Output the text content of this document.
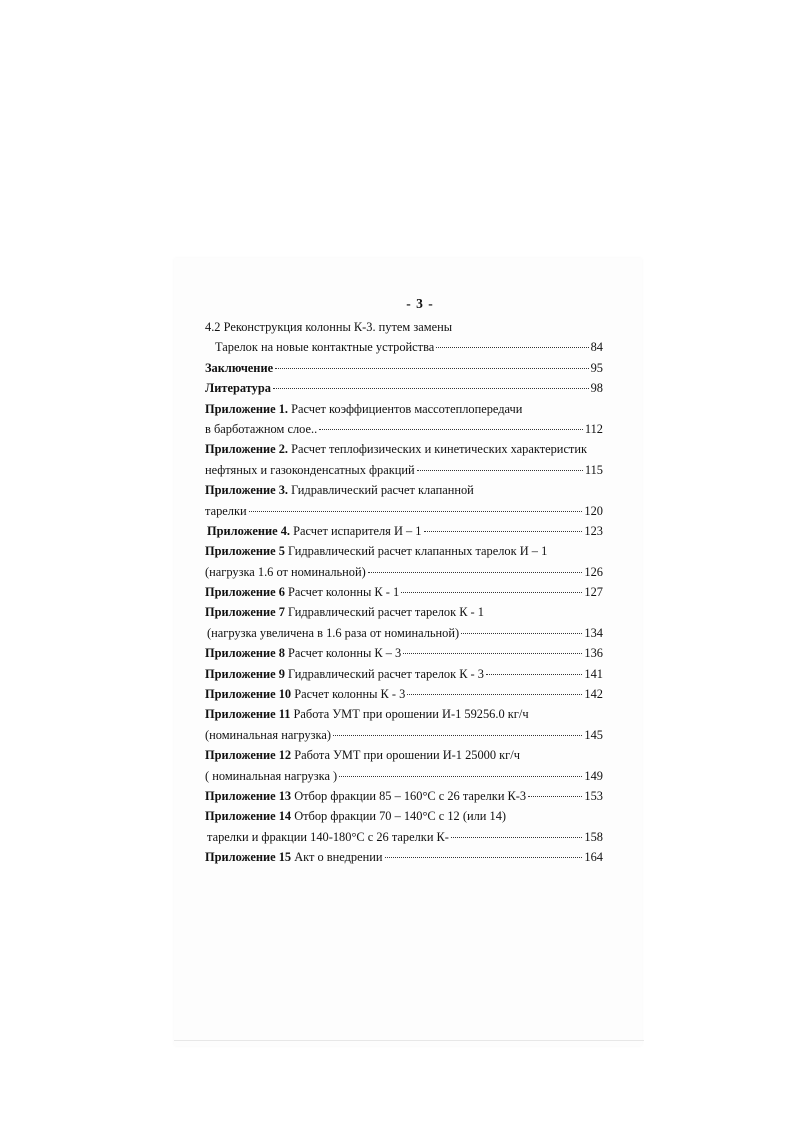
- 3 -
4.2 Реконструкция колонны К-3. путем замены
Тарелок на новые контактные устройства	84
Заключение	95
Литература	98
Приложение 1. Расчет коэффициентов массотеплопередачи
в барботажном слое..	112
Приложение 2. Расчет теплофизических и кинетических характеристик
нефтяных и газоконденсатных фракций	115
Приложение 3. Гидравлический расчет клапанной
тарелки	120
Приложение 4. Расчет испарителя И – 1	123
Приложение 5 Гидравлический расчет клапанных тарелок И – 1
(нагрузка 1.6 от номинальной)	126
Приложение 6 Расчет колонны К - 1	127
Приложение 7 Гидравлический расчет тарелок К - 1
(нагрузка увеличена в 1.6 раза от номинальной)	134
Приложение 8 Расчет колонны К – 3	136
Приложение 9 Гидравлический расчет тарелок К - 3	141
Приложение 10 Расчет колонны К - 3	142
Приложение 11 Работа УМТ при орошении И-1 59256.0 кг/ч
(номинальная нагрузка)	145
Приложение 12 Работа УМТ при орошении И-1 25000 кг/ч
( номинальная нагрузка )	149
Приложение 13 Отбор фракции 85 – 160°С с 26 тарелки К-3	153
Приложение 14 Отбор фракции 70 – 140°С с 12 (или 14)
тарелки и фракции 140-180°С с 26 тарелки К-	158
Приложение 15 Акт о внедрении	164
